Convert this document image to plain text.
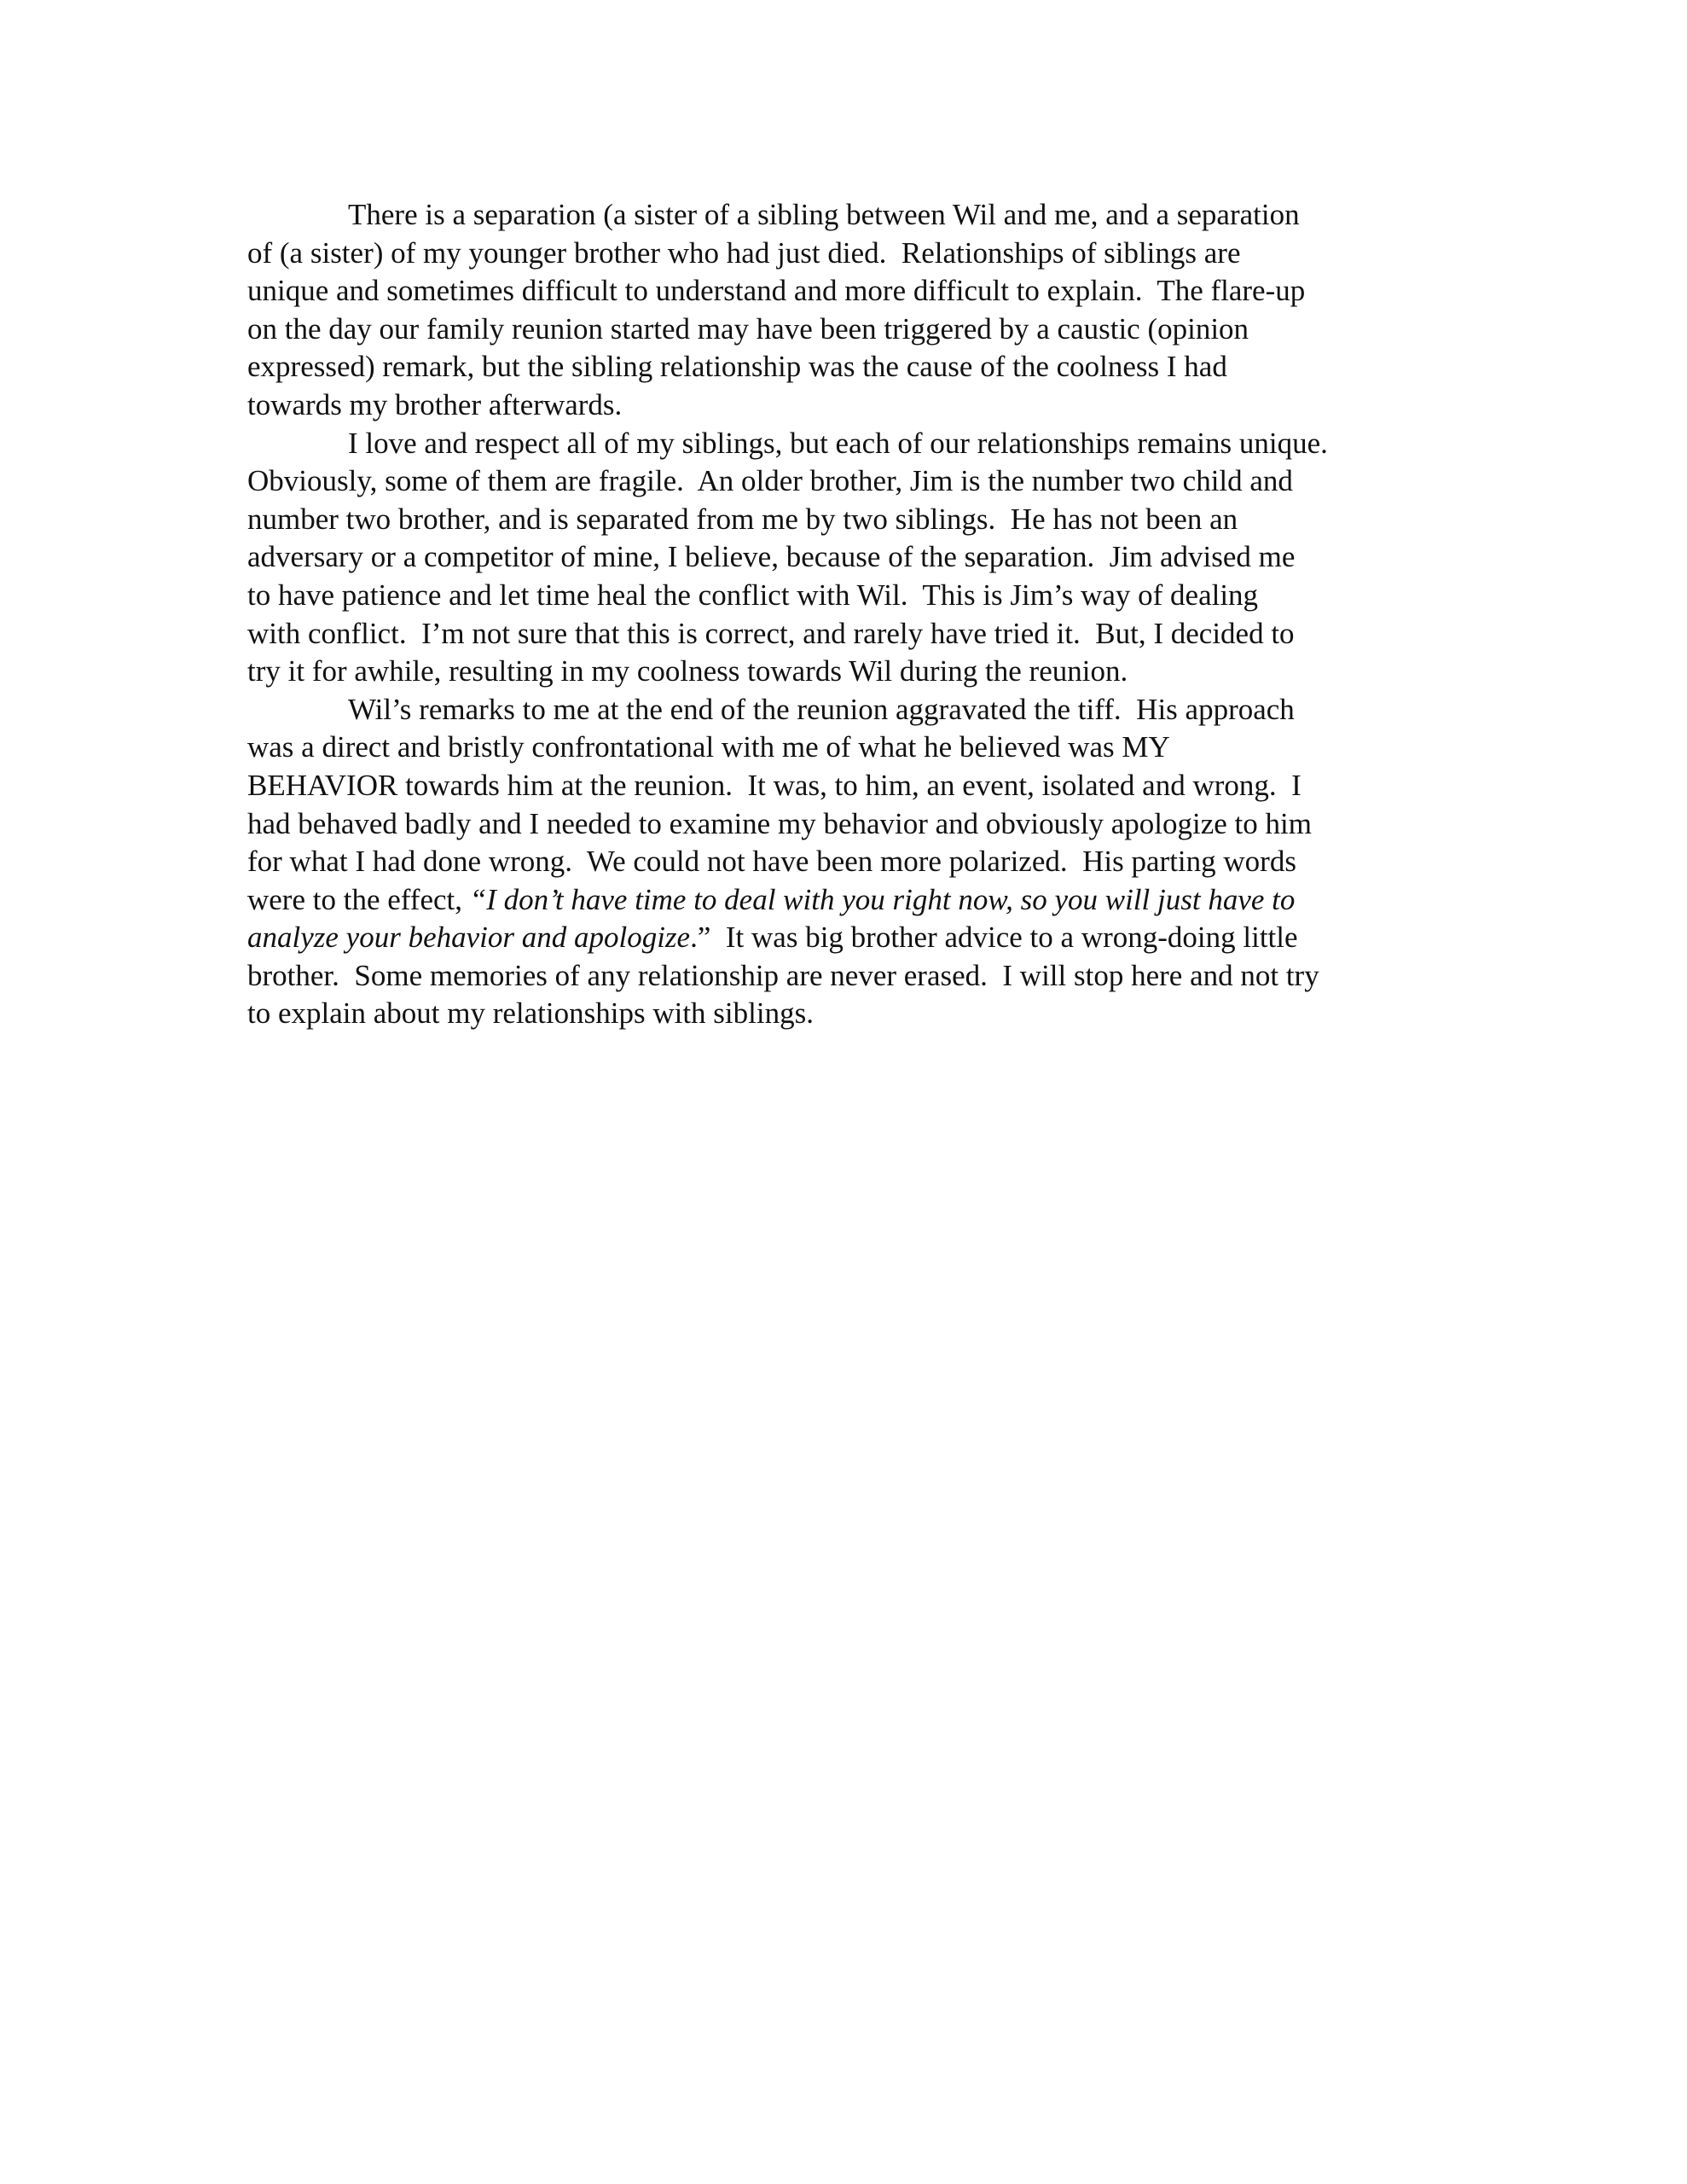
There is a separation (a sister of a sibling between Wil and me, and a separation
of (a sister) of my younger brother who had just died.  Relationships of siblings are
unique and sometimes difficult to understand and more difficult to explain.  The flare-up
on the day our family reunion started may have been triggered by a caustic (opinion
expressed) remark, but the sibling relationship was the cause of the coolness I had
towards my brother afterwards.
I love and respect all of my siblings, but each of our relationships remains unique.
Obviously, some of them are fragile.  An older brother, Jim is the number two child and
number two brother, and is separated from me by two siblings.  He has not been an
adversary or a competitor of mine, I believe, because of the separation.  Jim advised me
to have patience and let time heal the conflict with Wil.  This is Jim’s way of dealing
with conflict.  I’m not sure that this is correct, and rarely have tried it.  But, I decided to
try it for awhile, resulting in my coolness towards Wil during the reunion.
Wil’s remarks to me at the end of the reunion aggravated the tiff.  His approach
was a direct and bristly confrontational with me of what he believed was MY
BEHAVIOR towards him at the reunion.  It was, to him, an event, isolated and wrong.  I
had behaved badly and I needed to examine my behavior and obviously apologize to him
for what I had done wrong.  We could not have been more polarized.  His parting words
were to the effect, “I don’t have time to deal with you right now, so you will just have to
analyze your behavior and apologize.”  It was big brother advice to a wrong-doing little
brother.  Some memories of any relationship are never erased.  I will stop here and not try
to explain about my relationships with siblings.
